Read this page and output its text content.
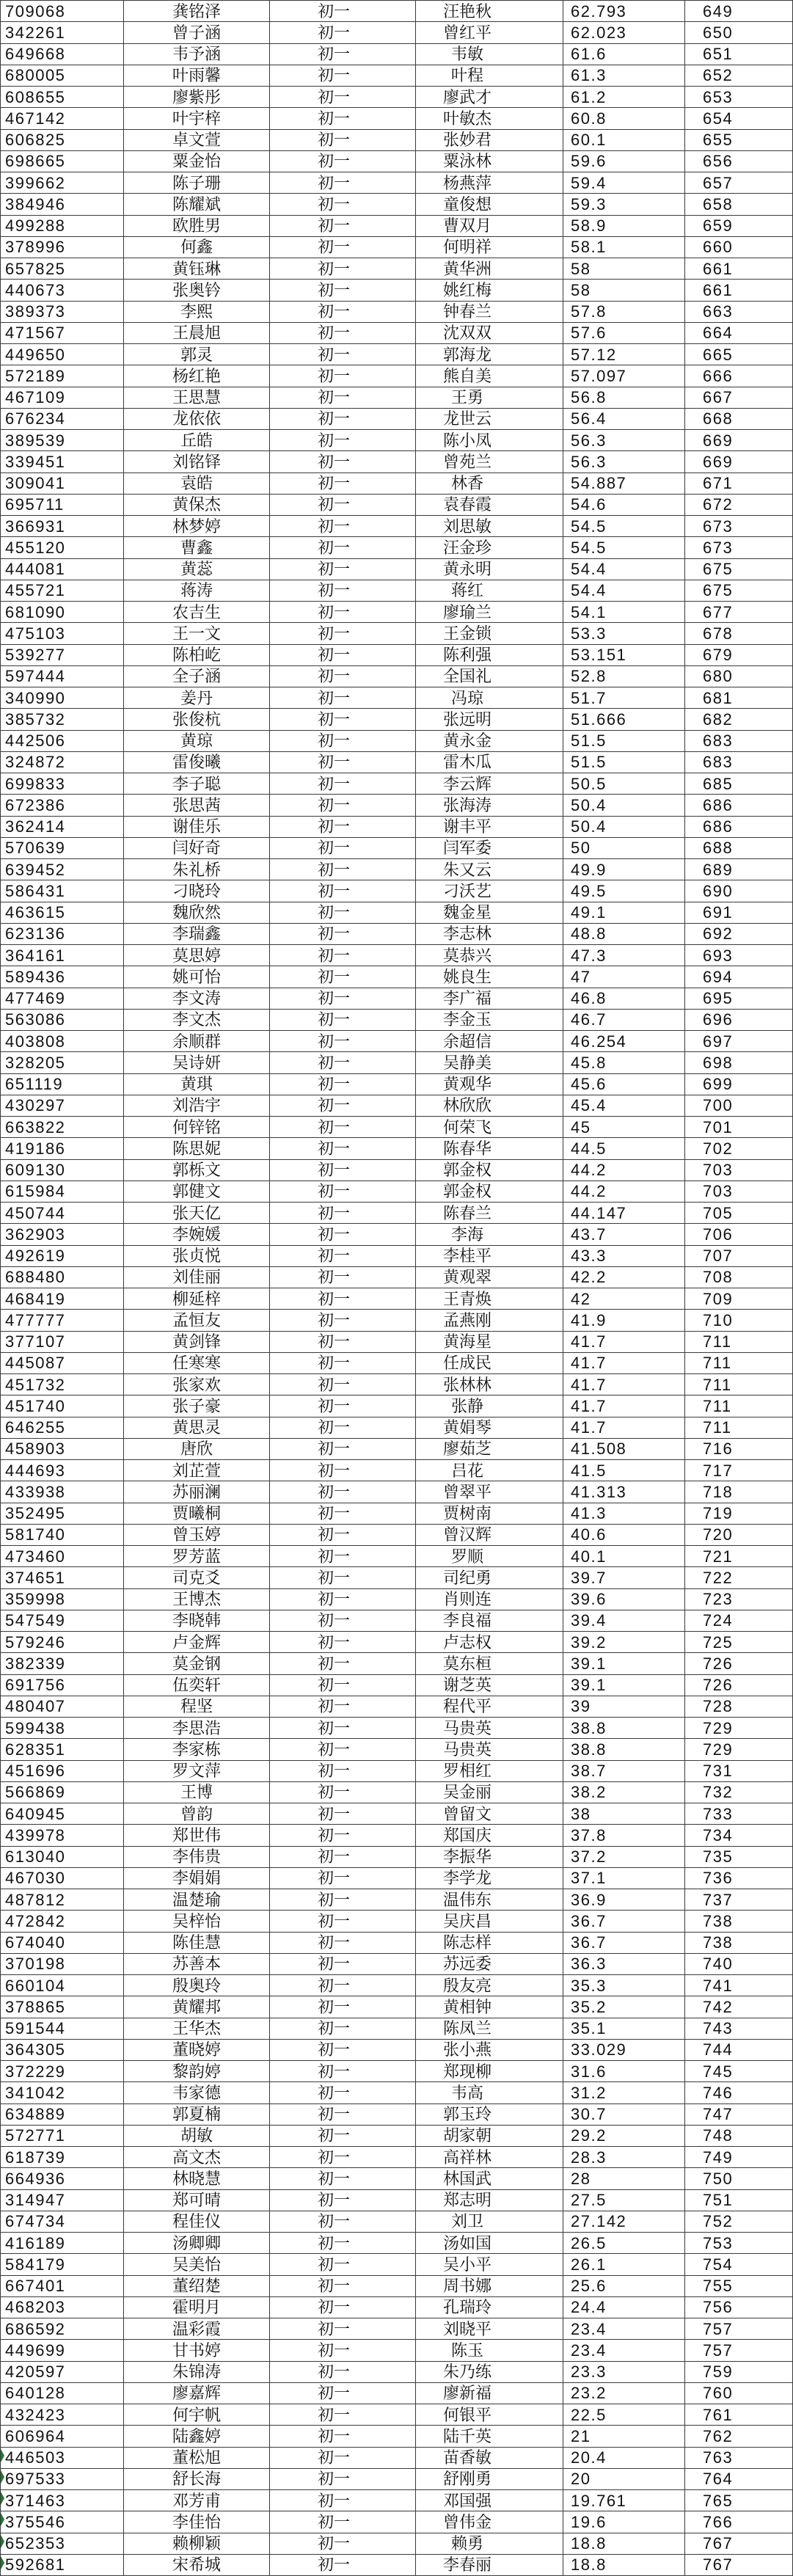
709068	龚铭泽	初一	汪艳秋	62.793	649
342261	曾子涵	初一	曾红平	62.023	650
649668	韦予涵	初一	韦敏	61.6	651
680005	叶雨馨	初一	叶程	61.3	652
608655	廖紫彤	初一	廖武才	61.2	653
467142	叶宇梓	初一	叶敏杰	60.8	654
606825	卓文萱	初一	张妙君	60.1	655
698665	粟金怡	初一	粟泳林	59.6	656
399662	陈子珊	初一	杨燕萍	59.4	657
384946	陈耀斌	初一	童俊想	59.3	658
499288	欧胜男	初一	曹双月	58.9	659
378996	何鑫	初一	何明祥	58.1	660
657825	黄钰琳	初一	黄华洲	58	661
440673	张奥钤	初一	姚红梅	58	661
389373	李熙	初一	钟春兰	57.8	663
471567	王晨旭	初一	沈双双	57.6	664
449650	郭灵	初一	郭海龙	57.12	665
572189	杨红艳	初一	熊自美	57.097	666
467109	王思慧	初一	王勇	56.8	667
676234	龙依依	初一	龙世云	56.4	668
389539	丘皓	初一	陈小凤	56.3	669
339451	刘铭铎	初一	曾苑兰	56.3	669
309041	袁皓	初一	林香	54.887	671
695711	黄保杰	初一	袁春霞	54.6	672
366931	林梦婷	初一	刘思敏	54.5	673
455120	曹鑫	初一	汪金珍	54.5	673
444081	黄蕊	初一	黄永明	54.4	675
455721	蒋涛	初一	蒋红	54.4	675
681090	农吉生	初一	廖瑜兰	54.1	677
475103	王一文	初一	王金锁	53.3	678
539277	陈柏屹	初一	陈利强	53.151	679
597444	全子涵	初一	全国礼	52.8	680
340990	姜丹	初一	冯琼	51.7	681
385732	张俊杭	初一	张远明	51.666	682
442506	黄琼	初一	黄永金	51.5	683
324872	雷俊曦	初一	雷木瓜	51.5	683
699833	李子聪	初一	李云辉	50.5	685
672386	张思茜	初一	张海涛	50.4	686
362414	谢佳乐	初一	谢丰平	50.4	686
570639	闫好奇	初一	闫军委	50	688
639452	朱礼桥	初一	朱又云	49.9	689
586431	刁晓玲	初一	刁沃艺	49.5	690
463615	魏欣然	初一	魏金星	49.1	691
623136	李瑞鑫	初一	李志林	48.8	692
364161	莫思婷	初一	莫恭兴	47.3	693
589436	姚可怡	初一	姚良生	47	694
477469	李文涛	初一	李广福	46.8	695
563086	李文杰	初一	李金玉	46.7	696
403808	余顺群	初一	余超信	46.254	697
328205	吴诗妍	初一	吴静美	45.8	698
651119	黄琪	初一	黄观华	45.6	699
430297	刘浩宇	初一	林欣欣	45.4	700
663822	何锌铭	初一	何荣飞	45	701
419186	陈思妮	初一	陈春华	44.5	702
609130	郭栎文	初一	郭金权	44.2	703
615984	郭健文	初一	郭金权	44.2	703
450744	张天亿	初一	陈春兰	44.147	705
362903	李婉媛	初一	李海	43.7	706
492619	张贞悦	初一	李桂平	43.3	707
688480	刘佳丽	初一	黄观翠	42.2	708
468419	柳延梓	初一	王青焕	42	709
477777	孟恒友	初一	孟燕刚	41.9	710
377107	黄剑锋	初一	黄海星	41.7	711
445087	任寒寒	初一	任成民	41.7	711
451732	张家欢	初一	张林林	41.7	711
451740	张子豪	初一	张静	41.7	711
646255	黄思灵	初一	黄娟琴	41.7	711
458903	唐欣	初一	廖茹芝	41.508	716
444693	刘芷萱	初一	吕花	41.5	717
433938	苏丽澜	初一	曾翠平	41.313	718
352495	贾曦桐	初一	贾树南	41.3	719
581740	曾玉婷	初一	曾汉辉	40.6	720
473460	罗芳蓝	初一	罗顺	40.1	721
374651	司克爻	初一	司纪勇	39.7	722
359998	王博杰	初一	肖则连	39.6	723
547549	李晓韩	初一	李良福	39.4	724
579246	卢金辉	初一	卢志权	39.2	725
382339	莫金钢	初一	莫东桓	39.1	726
691756	伍奕轩	初一	谢芝英	39.1	726
480407	程坚	初一	程代平	39	728
599438	李思浩	初一	马贵英	38.8	729
628351	李家栋	初一	马贵英	38.8	729
451696	罗文萍	初一	罗相红	38.7	731
566869	王博	初一	吴金丽	38.2	732
640945	曾韵	初一	曾留文	38	733
439978	郑世伟	初一	郑国庆	37.8	734
613040	李伟贵	初一	李振华	37.2	735
467030	李娟娟	初一	李学龙	37.1	736
487812	温楚瑜	初一	温伟东	36.9	737
472842	吴梓怡	初一	吴庆昌	36.7	738
674040	陈佳慧	初一	陈志样	36.7	738
370198	苏善本	初一	苏远委	36.3	740
660104	殷奥玲	初一	殷友亮	35.3	741
378865	黄耀邦	初一	黄相钟	35.2	742
591544	王华杰	初一	陈凤兰	35.1	743
364305	董晓婷	初一	张小燕	33.029	744
372229	黎韵婷	初一	郑现柳	31.6	745
341042	韦家德	初一	韦高	31.2	746
634889	郭夏楠	初一	郭玉玲	30.7	747
572771	胡敏	初一	胡家朝	29.2	748
618739	高文杰	初一	高祥林	28.3	749
664936	林晓慧	初一	林国武	28	750
314947	郑可晴	初一	郑志明	27.5	751
674734	程佳仪	初一	刘卫	27.142	752
416189	汤卿卿	初一	汤如国	26.5	753
584179	吴美怡	初一	吴小平	26.1	754
667401	董绍楚	初一	周书娜	25.6	755
468203	霍明月	初一	孔瑞玲	24.4	756
686592	温彩霞	初一	刘晓平	23.4	757
449699	甘书婷	初一	陈玉	23.4	757
420597	朱锦涛	初一	朱乃练	23.3	759
640128	廖嘉辉	初一	廖新福	23.2	760
432423	何宇帆	初一	何银平	22.5	761
606964	陆鑫婷	初一	陆千英	21	762
446503	董松旭	初一	苗香敏	20.4	763
697533	舒长海	初一	舒刚勇	20	764
371463	邓芳甫	初一	邓国强	19.761	765
375546	李佳怡	初一	曾伟金	19.6	766
652353	赖柳颖	初一	赖勇	18.8	767
592681	宋希城	初一	李春丽	18.8	767
